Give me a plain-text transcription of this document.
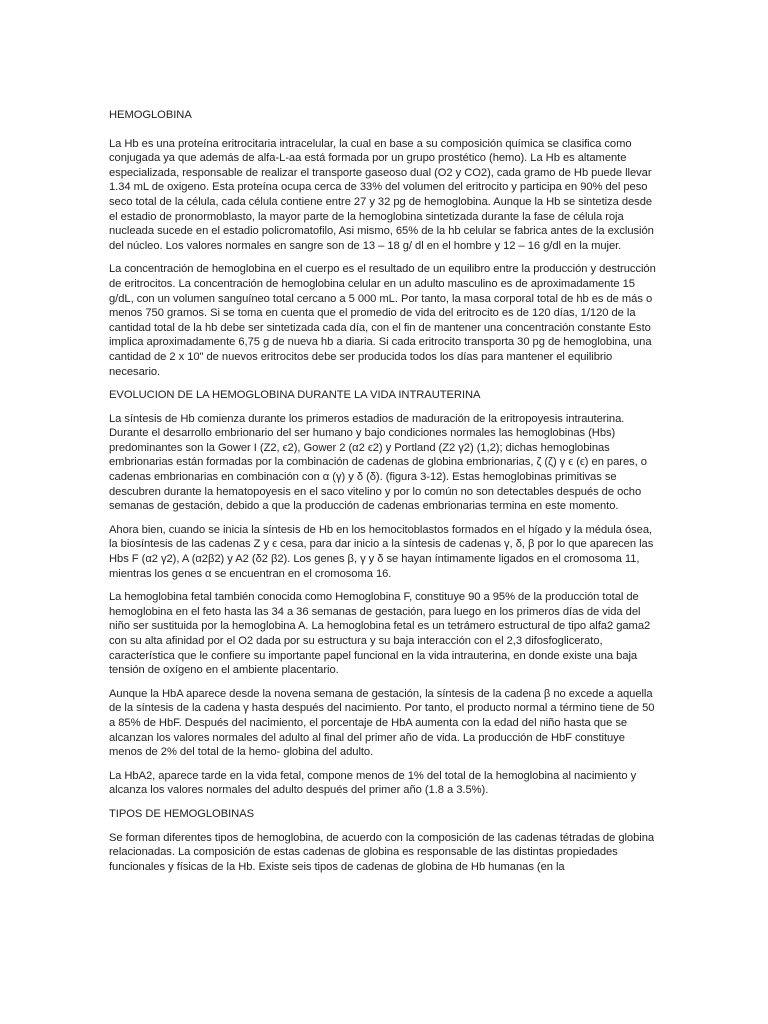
HEMOGLOBINA

La Hb es una proteína eritrocitaria intracelular, la cual en base a su composición química se clasifica como conjugada ya que además de alfa-L-aa está formada por un grupo prostético (hemo). La Hb es altamente especializada, responsable de realizar el transporte gaseoso dual (O2 y CO2), cada gramo de Hb puede llevar 1.34 mL de oxigeno. Esta proteína ocupa cerca de 33% del volumen del eritrocito y participa en 90% del peso seco total de la célula, cada célula contiene entre 27 y 32 pg de hemoglobina. Aunque la Hb se sintetiza desde el estadio de pronormoblasto, la mayor parte de la hemoglobina sintetizada durante la fase de célula roja nucleada sucede en el estadio policromatofilo, Asi mismo, 65% de la hb celular se fabrica antes de la exclusión del núcleo. Los valores normales en sangre son de 13 – 18 g/ dl en el hombre y 12 – 16 g/dl en la mujer.

La concentración de hemoglobina en el cuerpo es el resultado de un equilibro entre la producción y destrucción de eritrocitos. La concentración de hemoglobina celular en un adulto masculino es de aproximadamente 15 g/dL, con un volumen sanguíneo total cercano a 5 000 mL. Por tanto, la masa corporal total de hb es de más o menos 750 gramos. Si se toma en cuenta que el promedio de vida del eritrocito es de 120 días, 1/120 de la cantidad total de la hb debe ser sintetizada cada día, con el fin de mantener una concentración constante Esto implica aproximadamente 6,75 g de nueva hb a diaria. Si cada eritrocito transporta 30 pg de hemoglobina, una cantidad de 2 x 10" de nuevos eritrocitos debe ser producida todos los días para mantener el equilibrio necesario.

EVOLUCION DE LA HEMOGLOBINA DURANTE LA VIDA INTRAUTERINA

La síntesis de Hb comienza durante los primeros estadios de maduración de la eritropoyesis intrauterina. Durante el desarrollo embrionario del ser humano y bajo condiciones normales las hemoglobinas (Hbs) predominantes son la Gower I (Z2, ϵ2), Gower 2 (α2 ϵ2) y Portland (Z2 γ2) (1,2); dichas hemoglobinas embrionarias están formadas por la combinación de cadenas de globina embrionarias, ζ (ζ) γ ϵ (ϵ) en pares, o cadenas embrionarias en combinación con α (γ) y δ (δ). (figura 3-12). Estas hemoglobinas primitivas se descubren durante la hematopoyesis en el saco vitelino y por lo común no son detectables después de ocho semanas de gestación, debido a que la producción de cadenas embrionarias termina en este momento.

Ahora bien, cuando se inicia la síntesis de Hb en los hemocitoblastos formados en el hígado y la médula ósea, la biosíntesis de las cadenas Z y ϵ cesa, para dar inicio a la síntesis de cadenas γ, δ, β por lo que aparecen las Hbs F (α2 γ2), A (α2β2) y A2 (δ2 β2). Los genes β, γ y δ se hayan íntimamente ligados en el cromosoma 11, mientras los genes α se encuentran en el cromosoma 16.

La hemoglobina fetal también conocida como Hemoglobina F, constituye 90 a 95% de la producción total de hemoglobina en el feto hasta las 34 a 36 semanas de gestación, para luego en los primeros días de vida del niño ser sustituida por la hemoglobina A. La hemoglobina fetal es un tetrámero estructural de tipo alfa2 gama2 con su alta afinidad por el O2 dada por su estructura y su baja interacción con el 2,3 difosfoglicerato, característica que le confiere su importante papel funcional en la vida intrauterina, en donde existe una baja tensión de oxígeno en el ambiente placentario.

Aunque la HbA aparece desde la novena semana de gestación, la síntesis de la cadena β no excede a aquella de la síntesis de la cadena γ hasta después del nacimiento. Por tanto, el producto normal a término tiene de 50 a 85% de HbF. Después del nacimiento, el porcentaje de HbA aumenta con la edad del niño hasta que se alcanzan los valores normales del adulto al final del primer año de vida. La producción de HbF constituye menos de 2% del total de la hemo- globina del adulto.

La HbA2, aparece tarde en la vida fetal, compone menos de 1% del total de la hemoglobina al nacimiento y alcanza los valores normales del adulto después del primer año (1.8 a 3.5%).

TIPOS DE HEMOGLOBINAS

Se forman diferentes tipos de hemoglobina, de acuerdo con la composición de las cadenas tétradas de globina relacionadas. La composición de estas cadenas de globina es responsable de las distintas propiedades funcionales y físicas de la Hb. Existe seis tipos de cadenas de globina de Hb humanas (en la
